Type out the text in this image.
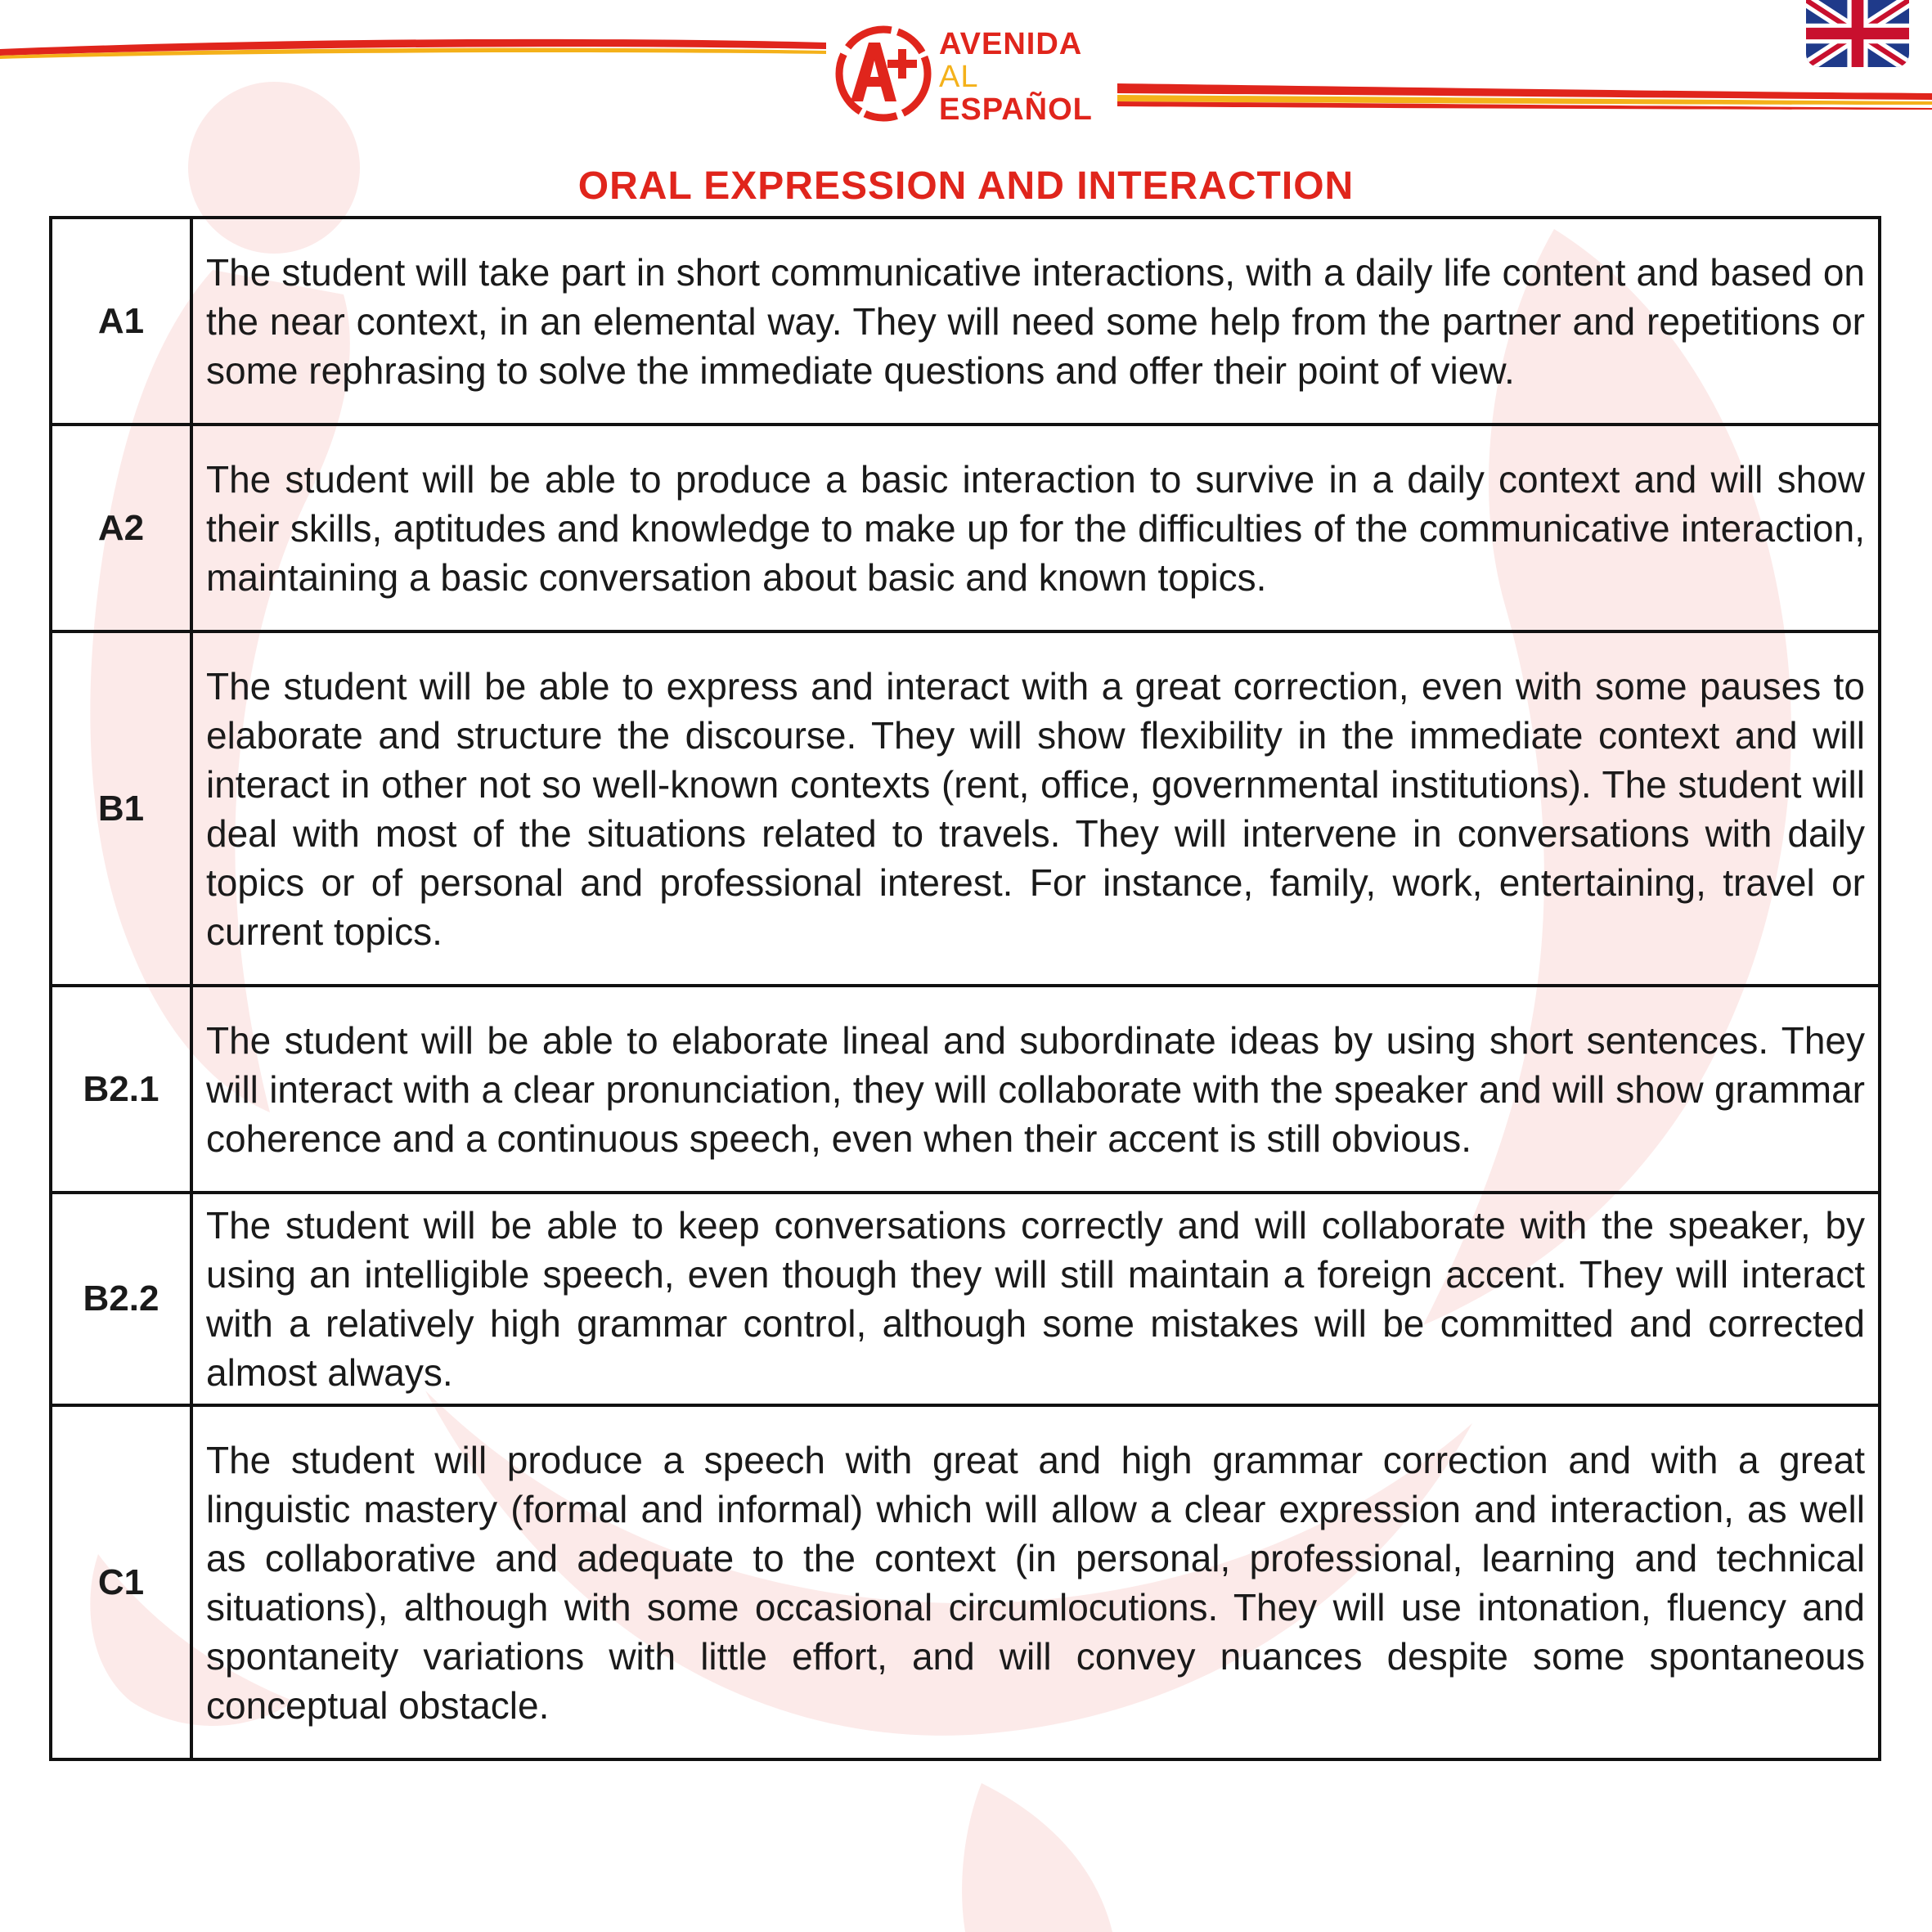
AVENIDA
AL
ESPAÑOL
ORAL EXPRESSION AND INTERACTION
A1	The student will take part in short communicative interactions, with a daily life content and based on the near context, in an elemental way. They will need some help from the partner and repetitions or some rephrasing to solve the immediate questions and offer their point of view.
A2	The student will be able to produce a basic interaction to survive in a daily context and will show their skills, aptitudes and knowledge to make up for the difficulties of the communicative interaction, maintaining a basic conversation about basic and known topics.
B1	The student will be able to express and interact with a great correction, even with some pauses to elaborate and structure the discourse. They will show flexibility in the immediate context and will interact in other not so well-known contexts (rent, office, governmental institutions). The student will deal with most of the situations related to travels. They will intervene in conversations with daily topics or of personal and professional interest. For instance, family, work, entertaining, travel or current topics.
B2.1	The student will be able to elaborate lineal and subordinate ideas by using short sentences. They will interact with a clear pronunciation, they will collaborate with the speaker and will show grammar coherence and a continuous speech, even when their accent is still obvious.
B2.2	The student will be able to keep conversations correctly and will collaborate with the speaker, by using an intelligible speech, even though they will still maintain a foreign accent. They will interact with a relatively high grammar control, although some mistakes will be committed and corrected almost always.
C1	The student will produce a speech with great and high grammar correction and with a great linguistic mastery (formal and informal) which will allow a clear expression and interaction, as well as collaborative and adequate to the context (in personal, professional, learning and technical situations), although with some occasional circumlocutions. They will use intonation, fluency and spontaneity variations with little effort, and will convey nuances despite some spontaneous conceptual obstacle.
